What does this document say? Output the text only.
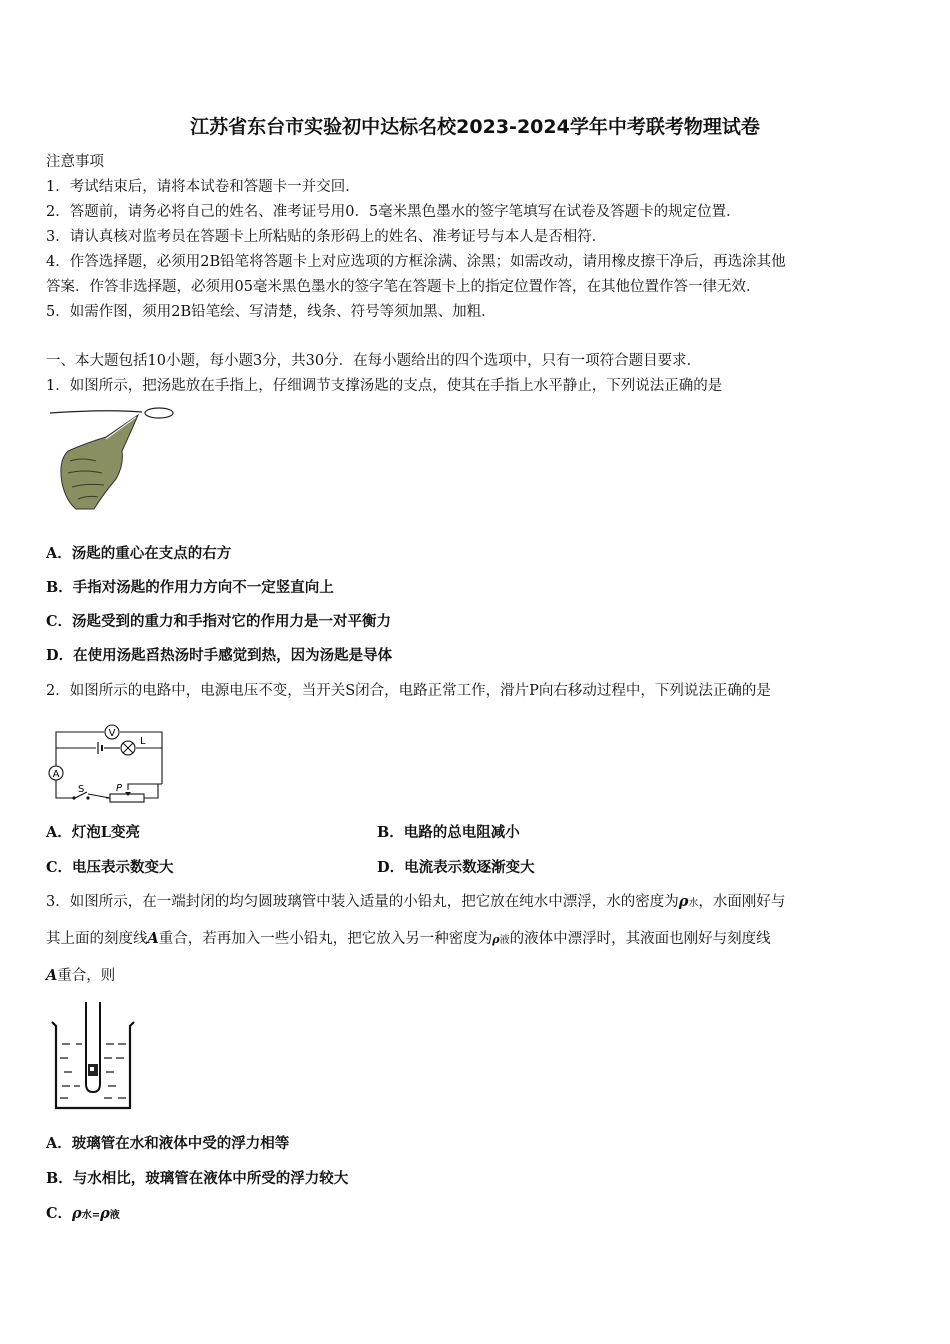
江苏省东台市实验初中达标名校2023-2024学年中考联考物理试卷
注意事项
1．考试结束后，请将本试卷和答题卡一并交回．
2．答题前，请务必将自己的姓名、准考证号用0．5毫米黑色墨水的签字笔填写在试卷及答题卡的规定位置．
3．请认真核对监考员在答题卡上所粘贴的条形码上的姓名、准考证号与本人是否相符．
4．作答选择题，必须用2B铅笔将答题卡上对应选项的方框涂满、涂黑；如需改动，请用橡皮擦干净后，再选涂其他
答案．作答非选择题，必须用05毫米黑色墨水的签字笔在答题卡上的指定位置作答，在其他位置作答一律无效．
5．如需作图，须用2B铅笔绘、写清楚，线条、符号等须加黑、加粗．
一、本大题包括10小题，每小题3分，共30分．在每小题给出的四个选项中，只有一项符合题目要求．
1．如图所示，把汤匙放在手指上，仔细调节支撑汤匙的支点，使其在手指上水平静止，下列说法正确的是
A．汤匙的重心在支点的右方
B．手指对汤匙的作用力方向不一定竖直向上
C．汤匙受到的重力和手指对它的作用力是一对平衡力
D．在使用汤匙舀热汤时手感觉到热，因为汤匙是导体
2．如图所示的电路中，电源电压不变，当开关S闭合，电路正常工作，滑片P向右移动过程中，下列说法正确的是
V
L
A
S	P
A．灯泡L变亮	B．电路的总电阻减小
C．电压表示数变大	D．电流表示数逐渐变大
3．如图所示，在一端封闭的均匀圆玻璃管中装入适量的小铅丸，把它放在纯水中漂浮，水的密度为ρ水，水面刚好与
其上面的刻度线A重合，若再加入一些小铅丸，把它放入另一种密度为ρ液的液体中漂浮时，其液面也刚好与刻度线
A重合，则
A．玻璃管在水和液体中受的浮力相等
B．与水相比，玻璃管在液体中所受的浮力较大
C．ρ水=ρ液
